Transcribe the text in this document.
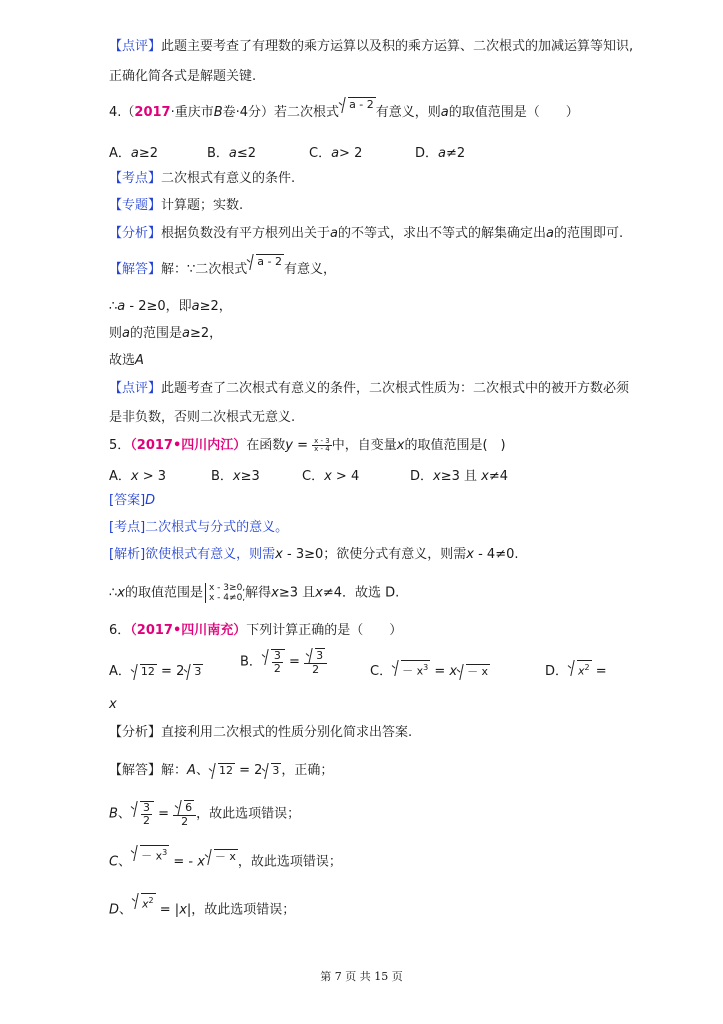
【点评】此题主要考查了有理数的乘方运算以及积的乘方运算、二次根式的加减运算等知识,
正确化简各式是解题关键.
4.（2017·重庆市B卷·4分）若二次根式a - 2有意义，则a的取值范围是（　　）
A．a≥2	B．a≤2	C．a> 2	D．a≠2
【考点】二次根式有意义的条件.
【专题】计算题；实数.
【分析】根据负数没有平方根列出关于a的不等式，求出不等式的解集确定出a的范围即可.
【解答】解：∵二次根式a - 2有意义，
∴a - 2≥0，即a≥2，
则a的范围是a≥2，
故选A
【点评】此题考查了二次根式有意义的条件，二次根式性质为：二次根式中的被开方数必须
是非负数，否则二次根式无意义.
5．（2017•四川内江）在函数$y = \frac{x - 3}{x - 4}$ 中，自变量x的取值范围是(　)
A．x > 3	B．x≥3	C．x > 4	D．x≥3 且 x≠4
[答案]D
[考点]二次根式与分式的意义。
[解析]欲使根式有意义，则需x - 3≥0；欲使分式有意义，则需x - 4≠0.
∴x的取值范围是 x - 3≥0,
x - 4≠0, 解得x≥3 且x≠4．故选 D.
6．（2017•四川南充）下列计算正确的是（　　）
A． 12 = 2 3
B． $\frac{3}{2} = \frac{3}{2}$	C． － $x^3 = x - x$	D． $x^2$ =
x
【分析】直接利用二次根式的性质分别化简求出答案.
【解答】解：A、 12 = 2 3 ，正确；
B、 $\frac{3}{2} = \frac{6}{2}$ ，故此选项错误；
C、 － $x^3$ = - x － x ，故此选项错误；
D、 $x^2 = |x|$，故此选项错误；
第 7 页 共 15 页
